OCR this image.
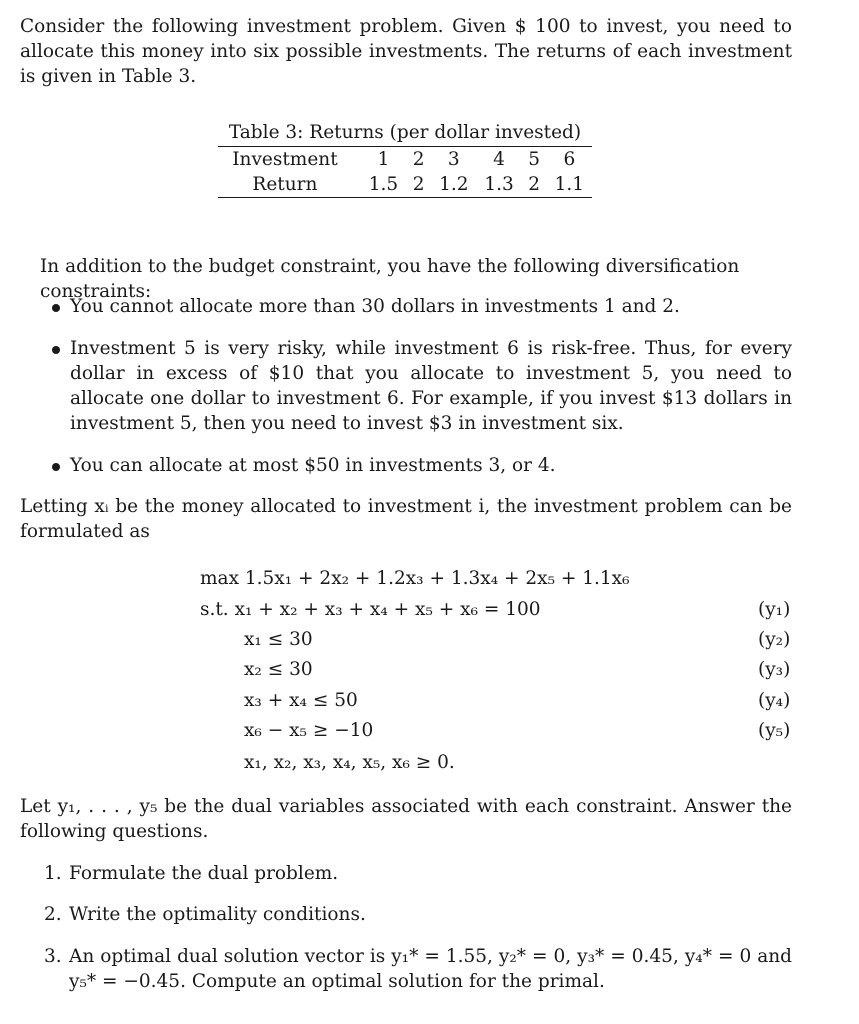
Consider the following investment problem. Given $ 100 to invest, you need to allocate this money into six possible investments. The returns of each investment is given in Table 3.

Table 3: Returns (per dollar invested)
Investment	1	2	3	4	5	6
Return	1.5	2	1.2	1.3	2	1.1

In addition to the budget constraint, you have the following diversification constraints:

You cannot allocate more than 30 dollars in investments 1 and 2.
Investment 5 is very risky, while investment 6 is risk-free. Thus, for every dollar in excess of $10 that you allocate to investment 5, you need to allocate one dollar to investment 6. For example, if you invest $13 dollars in investment 5, then you need to invest $3 in investment six.
You can allocate at most $50 in investments 3, or 4.

Letting xᵢ be the money allocated to investment i, the investment problem can be formulated as

max 1.5x₁ + 2x₂ + 1.2x₃ + 1.3x₄ + 2x₅ + 1.1x₆
s.t. x₁ + x₂ + x₃ + x₄ + x₅ + x₆ = 100	(y₁)
x₁ ≤ 30	(y₂)
x₂ ≤ 30	(y₃)
x₃ + x₄ ≤ 50	(y₄)
x₆ − x₅ ≥ −10	(y₅)
x₁, x₂, x₃, x₄, x₅, x₆ ≥ 0.

Let y₁, . . . , y₅ be the dual variables associated with each constraint. Answer the following questions.

1. Formulate the dual problem.
2. Write the optimality conditions.
3. An optimal dual solution vector is y₁* = 1.55, y₂* = 0, y₃* = 0.45, y₄* = 0 and y₅* = −0.45. Compute an optimal solution for the primal.
